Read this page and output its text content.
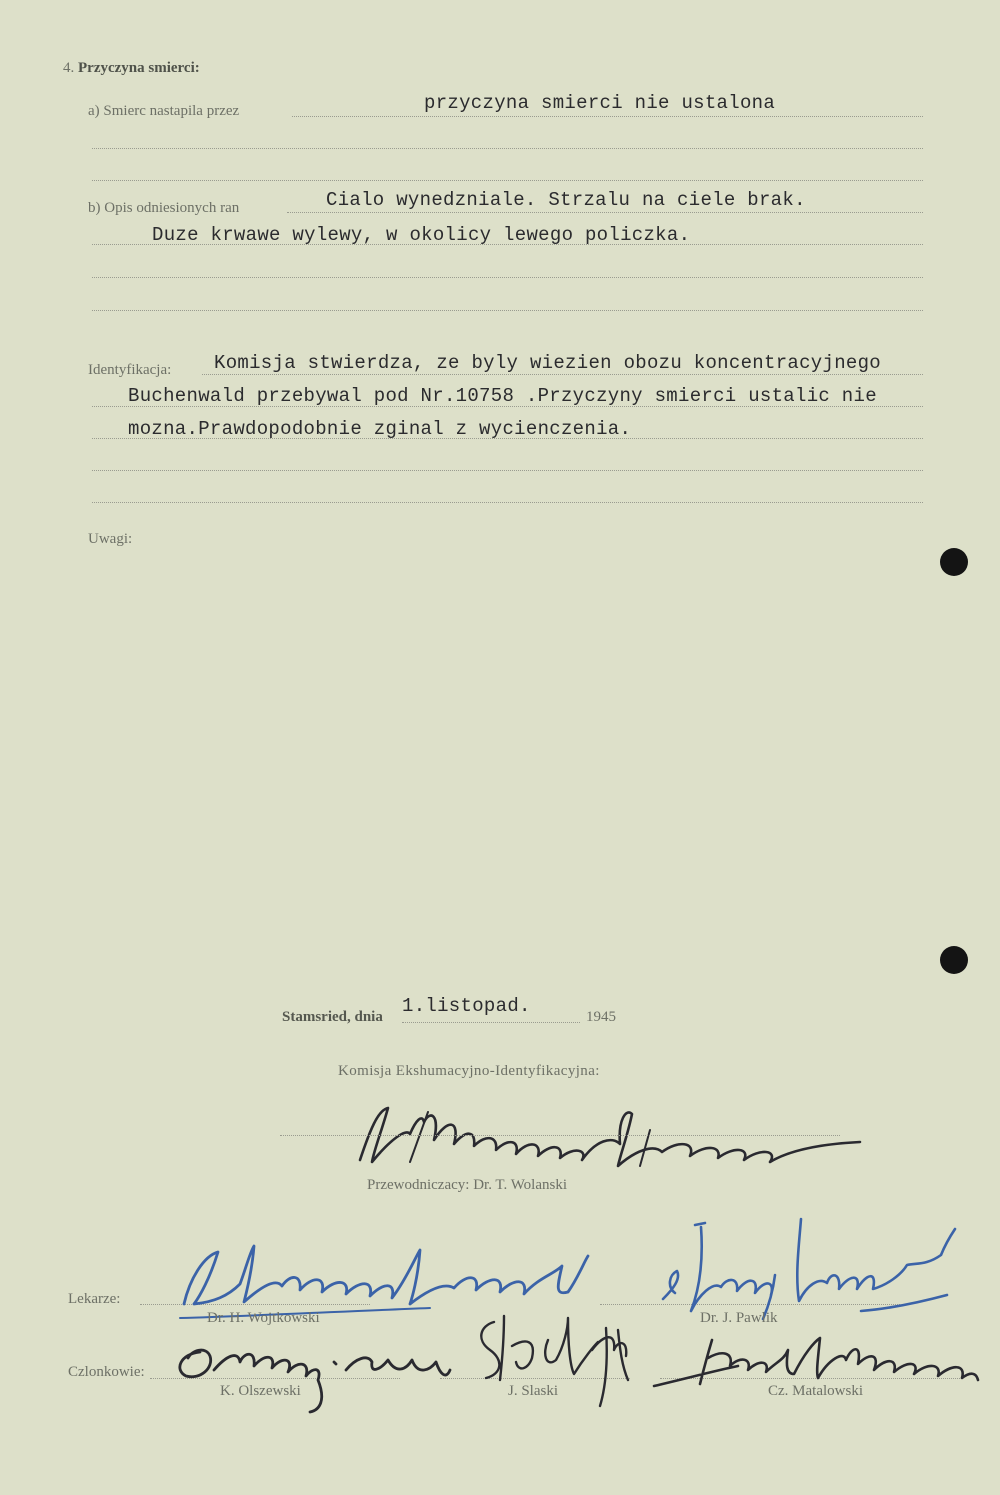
4. Przyczyna smierci:
a) Smierc nastapila przez	przyczyna smierci nie ustalona
b) Opis odniesionych ran	Cialo wynedzniale. Strzalu na ciele brak.
Duze krwawe wylewy, w okolicy lewego policzka.
Identyfikacja: Komisja stwierdza, ze byly wiezien obozu koncentracyjnego
Buchenwald przebywal pod Nr.10758 .Przyczyny smierci ustalic nie
mozna.Prawdopodobnie zginal z wycienczenia.
Uwagi:
Stamsried, dnia 1.listopad.	1945
Komisja Ekshumacyjno-Identyfikacyjna:
Przewodniczacy: Dr. T. Wolanski
Lekarze:
Dr. H. Wojtkowski	Dr. J. Pawlik
Czlonkowie:
K. Olszewski	J. Slaski	Cz. Matalowski
